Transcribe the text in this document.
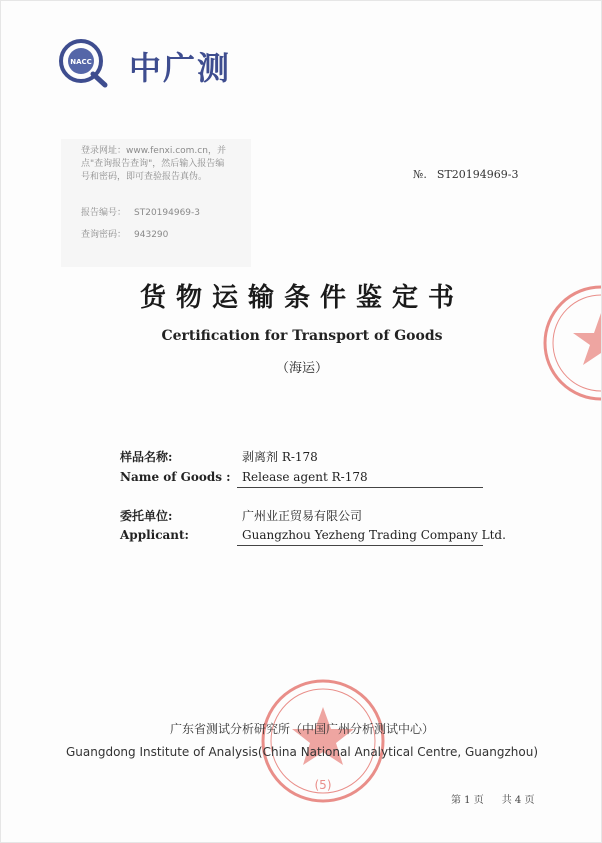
NACC 中广测
登录网址：www.fenxi.com.cn，并点"查询报告查询"，然后输入报告编号和密码，即可查验报告真伪。
报告编号： ST20194969-3
查询密码： 943290
№. ST20194969-3
货物运输条件鉴定书
Certification for Transport of Goods
（海运）
样品名称:	剥离剂 R-178
Name of Goods : Release agent R-178
委托单位:	广州业正贸易有限公司
Applicant:	Guangzhou Yezheng Trading Company Ltd.
(5)
广东省测试分析研究所（中国广州分析测试中心）
Guangdong Institute of Analysis(China National Analytical Centre, Guangzhou)
第 1 页 共 4 页
